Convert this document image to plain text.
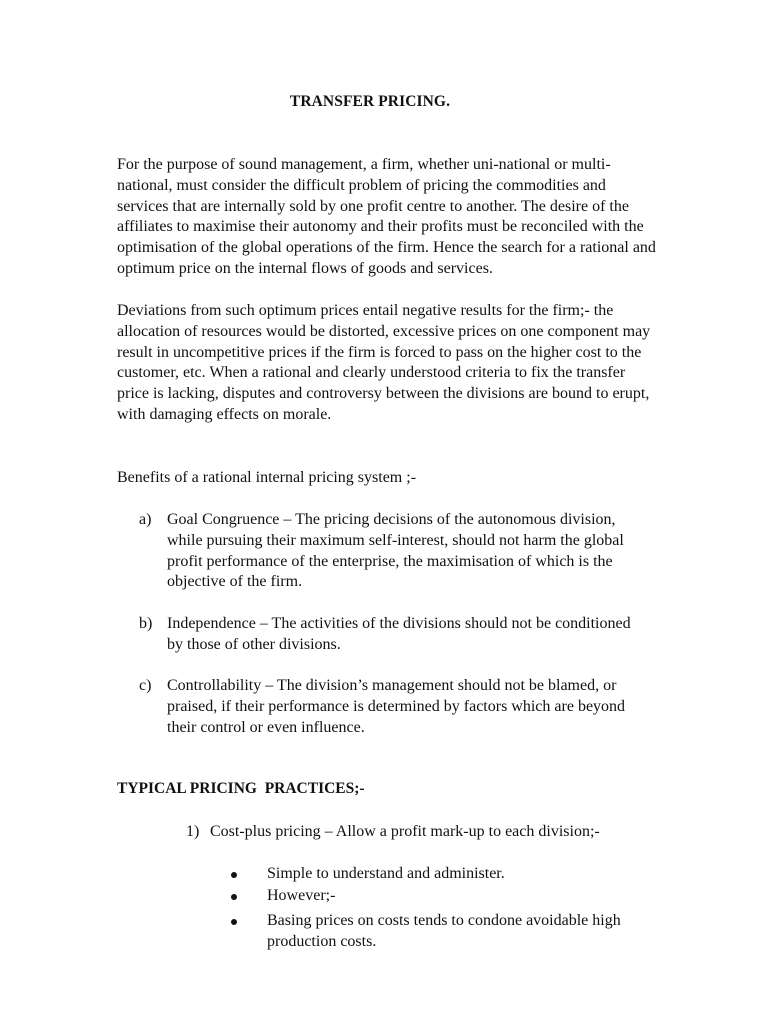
TRANSFER PRICING.

For the purpose of sound management, a firm, whether uni-national or multi-national, must consider the difficult problem of pricing the commodities and services that are internally sold by one profit centre to another. The desire of the affiliates to maximise their autonomy and their profits must be reconciled with the optimisation of the global operations of the firm. Hence the search for a rational and optimum price on the internal flows of goods and services.

Deviations from such optimum prices entail negative results for the firm;- the allocation of resources would be distorted, excessive prices on one component may result in uncompetitive prices if the firm is forced to pass on the higher cost to the customer, etc. When a rational and clearly understood criteria to fix the transfer price is lacking, disputes and controversy between the divisions are bound to erupt, with damaging effects on morale.

Benefits of a rational internal pricing system ;-

a) Goal Congruence – The pricing decisions of the autonomous division, while pursuing their maximum self-interest, should not harm the global profit performance of the enterprise, the maximisation of which is the objective of the firm.
b) Independence – The activities of the divisions should not be conditioned by those of other divisions.
c) Controllability – The division’s management should not be blamed, or praised, if their performance is determined by factors which are beyond their control or even influence.
TYPICAL PRICING  PRACTICES;-
1) Cost-plus pricing – Allow a profit mark-up to each division;-
Simple to understand and administer.
However;-
Basing prices on costs tends to condone avoidable high production costs.
